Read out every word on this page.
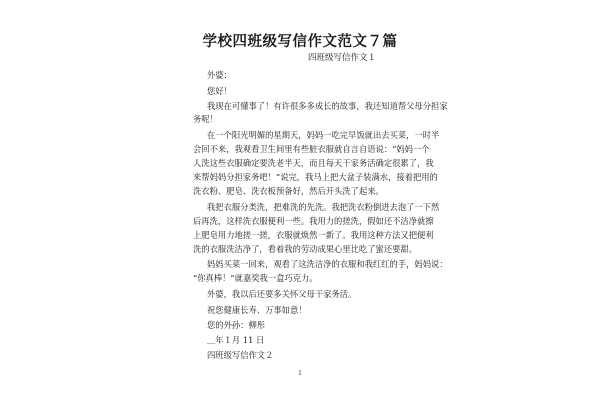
学校四班级写信作文范文７篇
四班级写信作文１
外婆：
您好！
我现在可懂事了！有许很多多成长的故事，我还知道帮父母分担家
务呢！
在一个阳光明媚的星期天，妈妈一吃完早饭就出去买菜，一时半
会回不来，我观看卫生间里有些脏衣服就自言自语说：“妈妈一个
人洗这些衣服确定要洗老半天，而且每天干家务活确定很累了，我
来帮妈妈分担家务吧！”说完，我马上把大盆子装满水，接着把用的
洗衣粉、肥皂、洗衣板预备好，然后开头洗了起来。
我把衣服分类洗，把难洗的先洗。我把洗衣粉倒进去泡了一下然
后再洗，这样洗衣服便利一些。我用力的搓洗，假如还不洁净就擦
上肥皂用力地搓一搓，衣服就焕然一新了。我用这种方法又把便利
洗的衣服洗洁净了，看着我的劳动成果心里比吃了蜜还要甜。
妈妈买菜一回来，观看了这洗洁净的衣服和我红红的手，妈妈说：
“你真棒！”就嘉奖我一盒巧克力。
外婆，我以后还要多关怀父母干家务活。
祝您健康长寿、万事如意！
您的外孙：柳彤
＿年１月 11 日
四班级写信作文２
1
